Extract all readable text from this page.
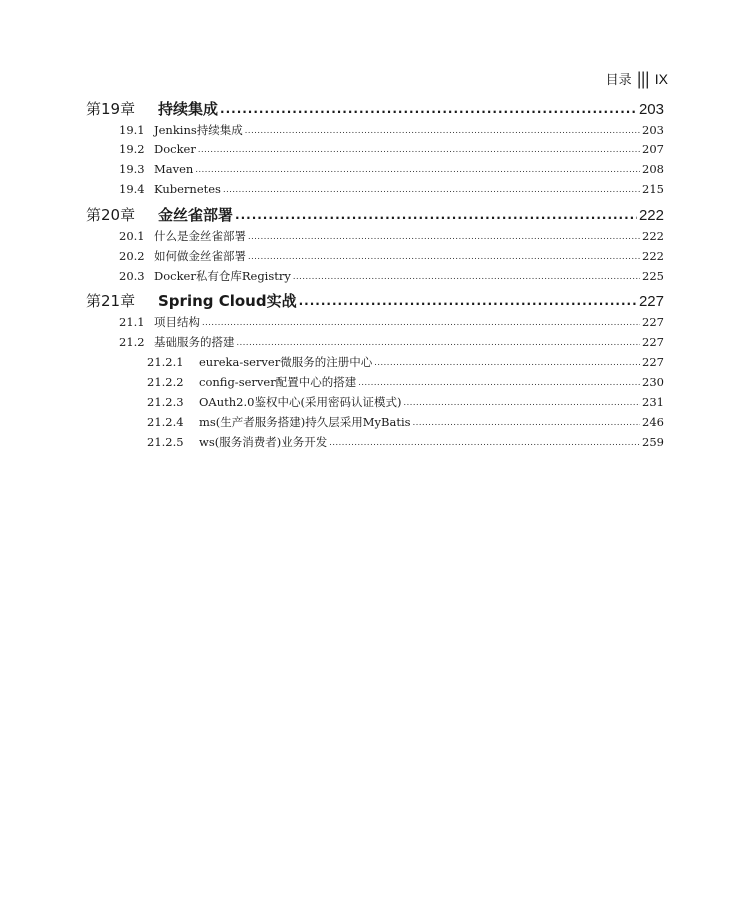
目录 ||| IX
第19章	持续集成 .....	203
19.1 Jenkins持续集成 .....	203
19.2 Docker .....	207
19.3 Maven .....	208
19.4 Kubernetes .....	215
第20章	金丝雀部署 .....	222
20.1 什么是金丝雀部署 .....	222
20.2 如何做金丝雀部署 .....	222
20.3 Docker私有仓库Registry .....	225
第21章	Spring Cloud实战 .....	227
21.1 项目结构 .....	227
21.2 基础服务的搭建 .....	227
21.2.1	eureka-server微服务的注册中心 .....	227
21.2.2	config-server配置中心的搭建 .....	230
21.2.3	OAuth2.0鉴权中心(采用密码认证模式) .....	231
21.2.4	ms(生产者服务搭建)持久层采用MyBatis .....	246
21.2.5	ws(服务消费者)业务开发 .....	259
